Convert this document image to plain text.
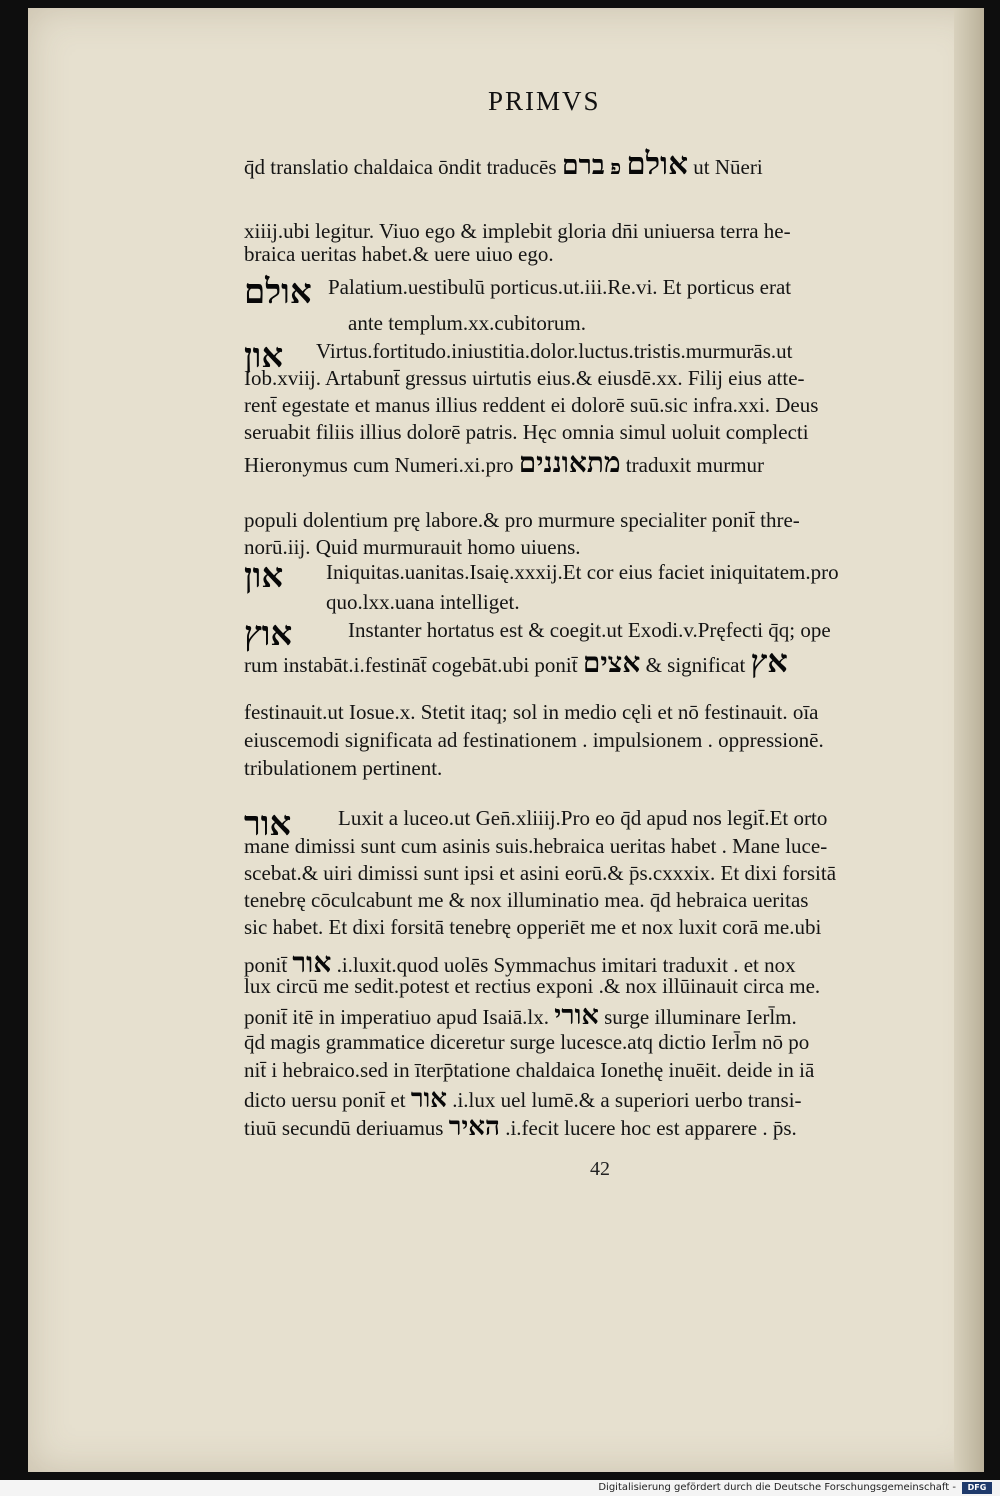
PRIMVS
q̄d translatio chaldaica ōndit traducēs אולם פ ברם	ut Nūeri
xiiij.ubi legitur. Viuo ego & implebit gloria dn̄i uniuersa terra he-
braica ueritas habet.& uere uiuo ego.
אולם Palatium.uestibulū porticus.ut.iii.Re.vi. Et porticus erat
ante templum.xx.cubitorum.
און Virtus.fortitudo.iniustitia.dolor.luctus.tristis.murmurās.ut
Iob.xviij. Artabunt̄ gressus uirtutis eius.& eiusdē.xx. Filij eius atte-
rent̄ egestate et manus illius reddent ei dolorē suū.sic infra.xxi. Deus
seruabit filiis illius dolorē patris. Hęc omnia simul uoluit complecti
Hieronymus cum Numeri.xi.pro מתאוננים traduxit murmur
populi dolentium prę labore.& pro murmure specialiter ponit̄ thre-
norū.iij. Quid murmurauit homo uiuens.
און Iniquitas.uanitas.Isaię.xxxij.Et cor eius faciet iniquitatem.pro
quo.lxx.uana intelliget.
אוץ	Instanter hortatus est & coegit.ut Exodi.v.Pręfecti q̄q; ope
rum instabāt.i.festināt̄ cogebāt.ubi ponit̄ אצים & significat אץ
festinauit.ut Iosue.x. Stetit itaq; sol in medio cęli et nō festinauit. oīa
eiuscemodi significata ad festinationem . impulsionem . oppressionē.
tribulationem pertinent.
אור Luxit a luceo.ut Gen̄.xliiij.Pro eo q̄d apud nos legit̄.Et orto
mane dimissi sunt cum asinis suis.hebraica ueritas habet . Mane luce-
scebat.& uiri dimissi sunt ipsi et asini eorū.& p̄s.cxxxix. Et dixi forsitā
tenebrę cōculcabunt me & nox illuminatio mea. q̄d hebraica ueritas
sic habet. Et dixi forsitā tenebrę opperiēt me et nox luxit corā me.ubi
ponit̄ אור .i.luxit.quod uolēs Symmachus imitari traduxit . et nox
lux circū me sedit.potest et rectius exponi .& nox illūinauit circa me.
ponit̄ itē in imperatiuo apud Isaiā.lx. אורי surge illuminare Ierl̄m.
q̄d magis grammatice diceretur surge lucesce.atq dictio Ierl̄m nō po
nit̄ i hebraico.sed in īterp̄tatione chaldaica Ionethę inuēit. deide in iā
dicto uersu ponit̄ et אור .i.lux uel lumē.& a superiori uerbo transi-
tiuū secundū deriuamus האיר .i.fecit lucere hoc est apparere . p̄s.
42
Digitalisierung gefördert durch die Deutsche Forschungsgemeinschaft -	DFG
